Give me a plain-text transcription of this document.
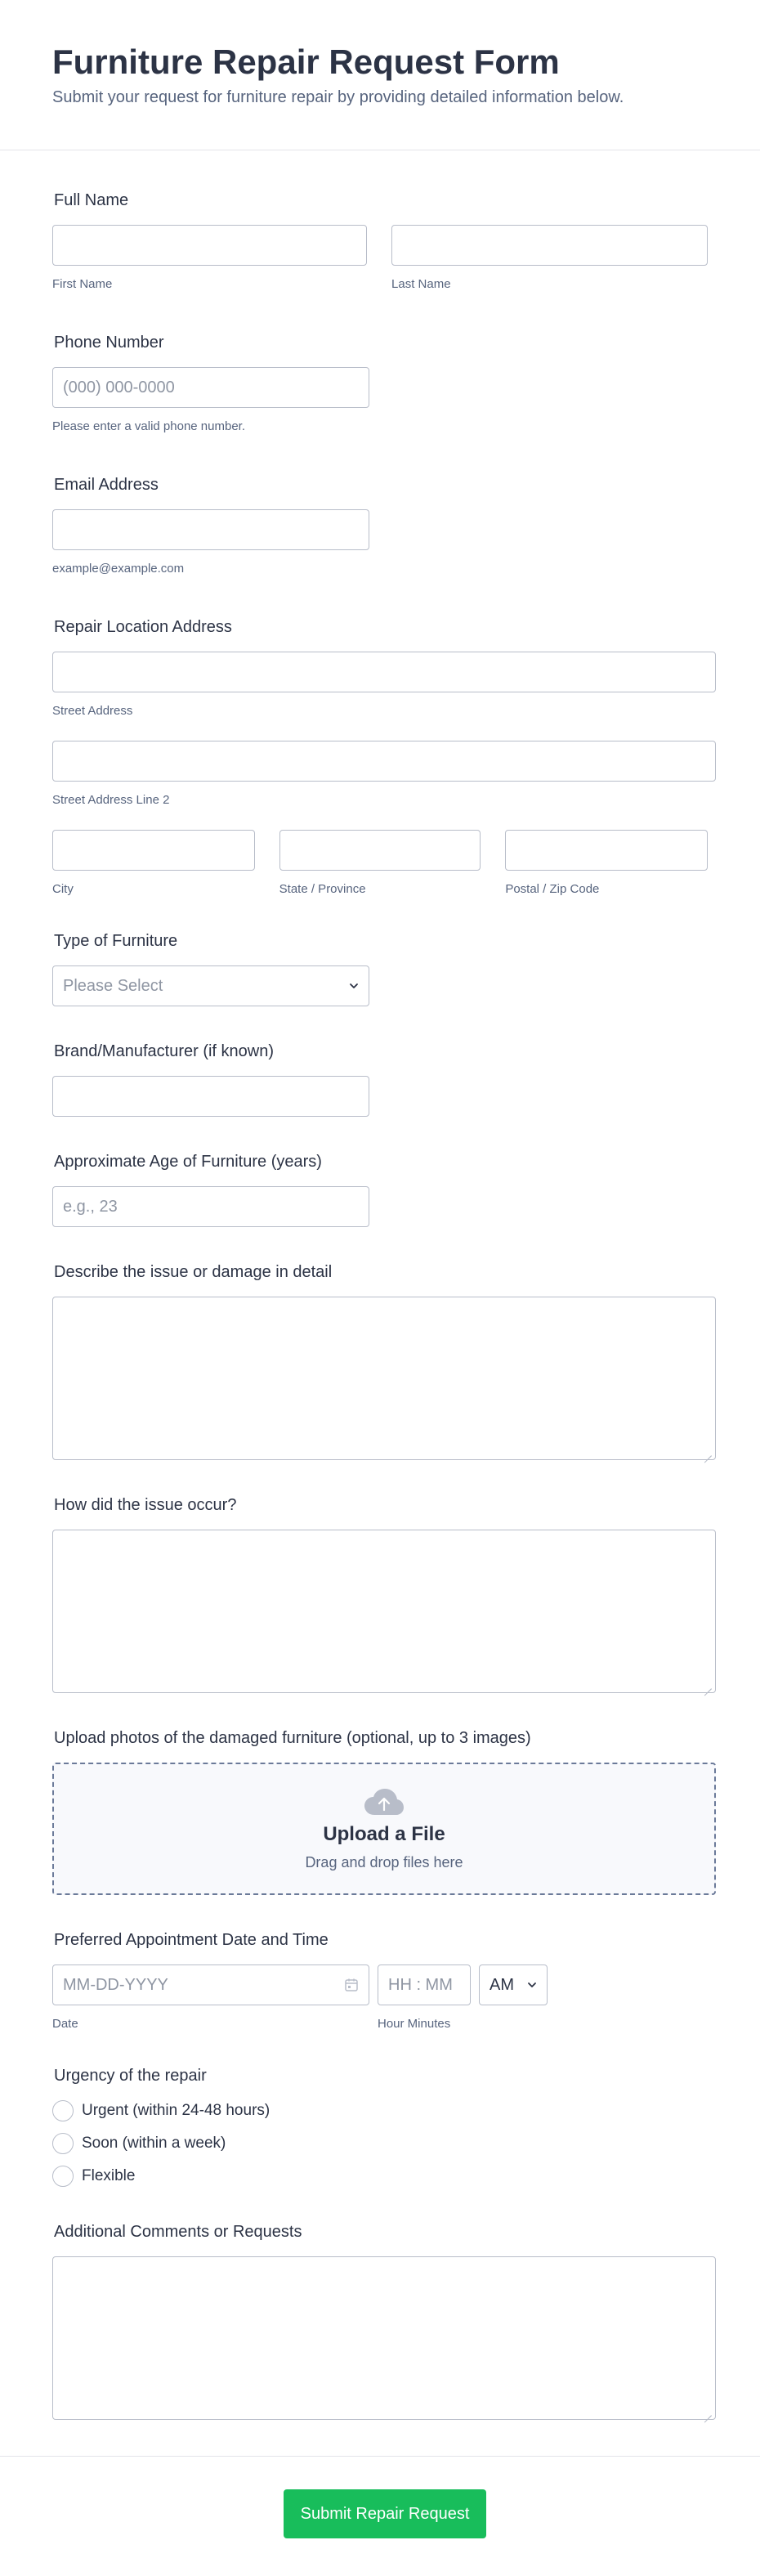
Furniture Repair Request Form

Submit your request for furniture repair by providing detailed information below.

Full Name
First Name	Last Name
Phone Number
(000) 000-0000
Please enter a valid phone number.
Email Address
example@example.com
Repair Location Address
Street Address
Street Address Line 2
City	State / Province	Postal / Zip Code
Type of Furniture
Please Select
Brand/Manufacturer (if known)
Approximate Age of Furniture (years)
e.g., 23
Describe the issue or damage in detail
How did the issue occur?
Upload photos of the damaged furniture (optional, up to 3 images)
Upload a File
Drag and drop files here
Preferred Appointment Date and Time
MM-DD-YYYY
Date
HH : MM
Hour Minutes
AM
Urgency of the repair
Urgent (within 24-48 hours)
Soon (within a week)
Flexible
Additional Comments or Requests
Submit Repair Request
